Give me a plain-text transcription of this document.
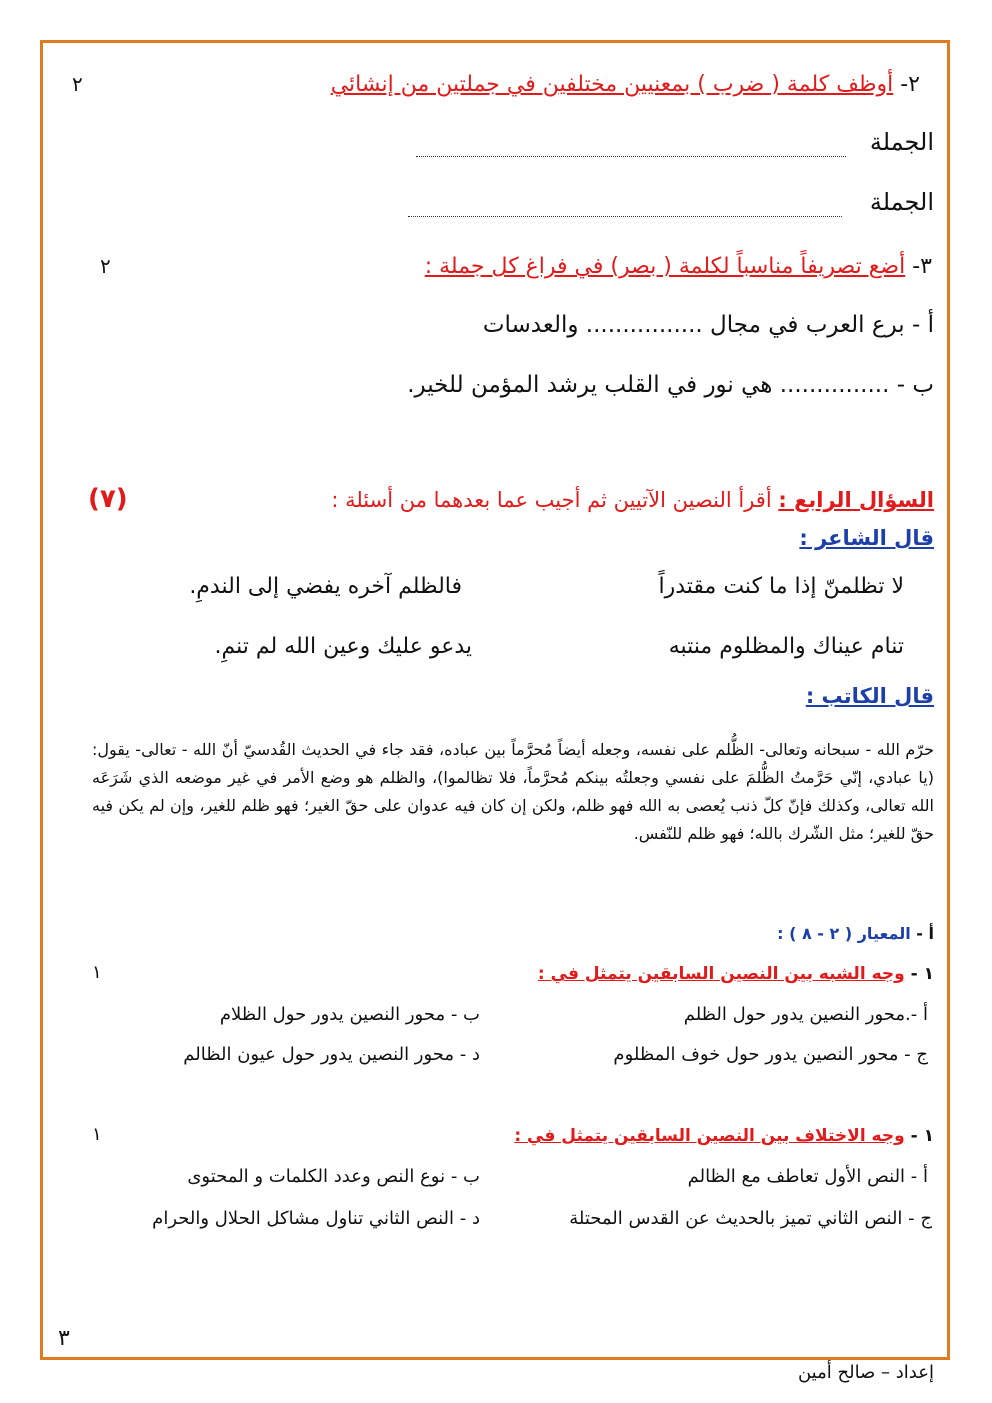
٢- أوظف كلمة ( ضرب ) بمعنيين مختلفين في جملتين من إنشائي
٢
الجملة
الجملة
٣- أضع تصريفاً مناسباً لكلمة ( بصر) في فراغ كل جملة :
٢
أ - برع العرب في مجال ................ والعدسات
ب - ............... هي نور في القلب يرشد المؤمن للخير.
السؤال الرابع : أقرأ النصين الآتيين ثم أجيب عما بعدهما من أسئلة :
(٧)
قال الشاعر :
لا تظلمنّ إذا ما كنت مقتدراً
فالظلم آخره يفضي إلى الندمِ.
تنام عيناك والمظلوم منتبه
يدعو عليك وعين الله لم تنمِ.
قال الكاتب :
حرّم الله - سبحانه وتعالى- الظُّلم على نفسه، وجعله أيضاً مُحرَّماً بين عباده، فقد جاء في الحديث القُدسيّ أنّ الله - تعالى- يقول: (يا عبادي، إنّي حَرَّمتُ الظُّلمَ على نفسي وجعلتُه بينكم مُحرَّماً، فلا تظالموا)، والظلم هو وضع الأمر في غير موضعه الذي شَرَعَه الله تعالى، وكذلك فإنّ كلّ ذنب يُعصى به الله فهو ظلم، ولكن إن كان فيه عدوان على حقّ الغير؛ فهو ظلم للغير، وإن لم يكن فيه حقّ للغير؛ مثل الشّرك بالله؛ فهو ظلم للنّفس.
أ - المعيار ( ٢ - ٨ ) :
١ - وجه الشبه بين النصين السابقين يتمثل في :
١
أ -.محور النصين يدور حول الظلم
ب - محور النصين يدور حول الظلام
ج - محور النصين يدور حول خوف المظلوم
د - محور النصين يدور حول عيون الظالم
١ - وجه الاختلاف بين النصين السابقين يتمثل في :
١
أ - النص الأول تعاطف مع الظالم
ب - نوع النص وعدد الكلمات و المحتوى
ج - النص الثاني تميز بالحديث عن القدس المحتلة
د - النص الثاني تناول مشاكل الحلال والحرام
٣
إعداد – صالح أمين
